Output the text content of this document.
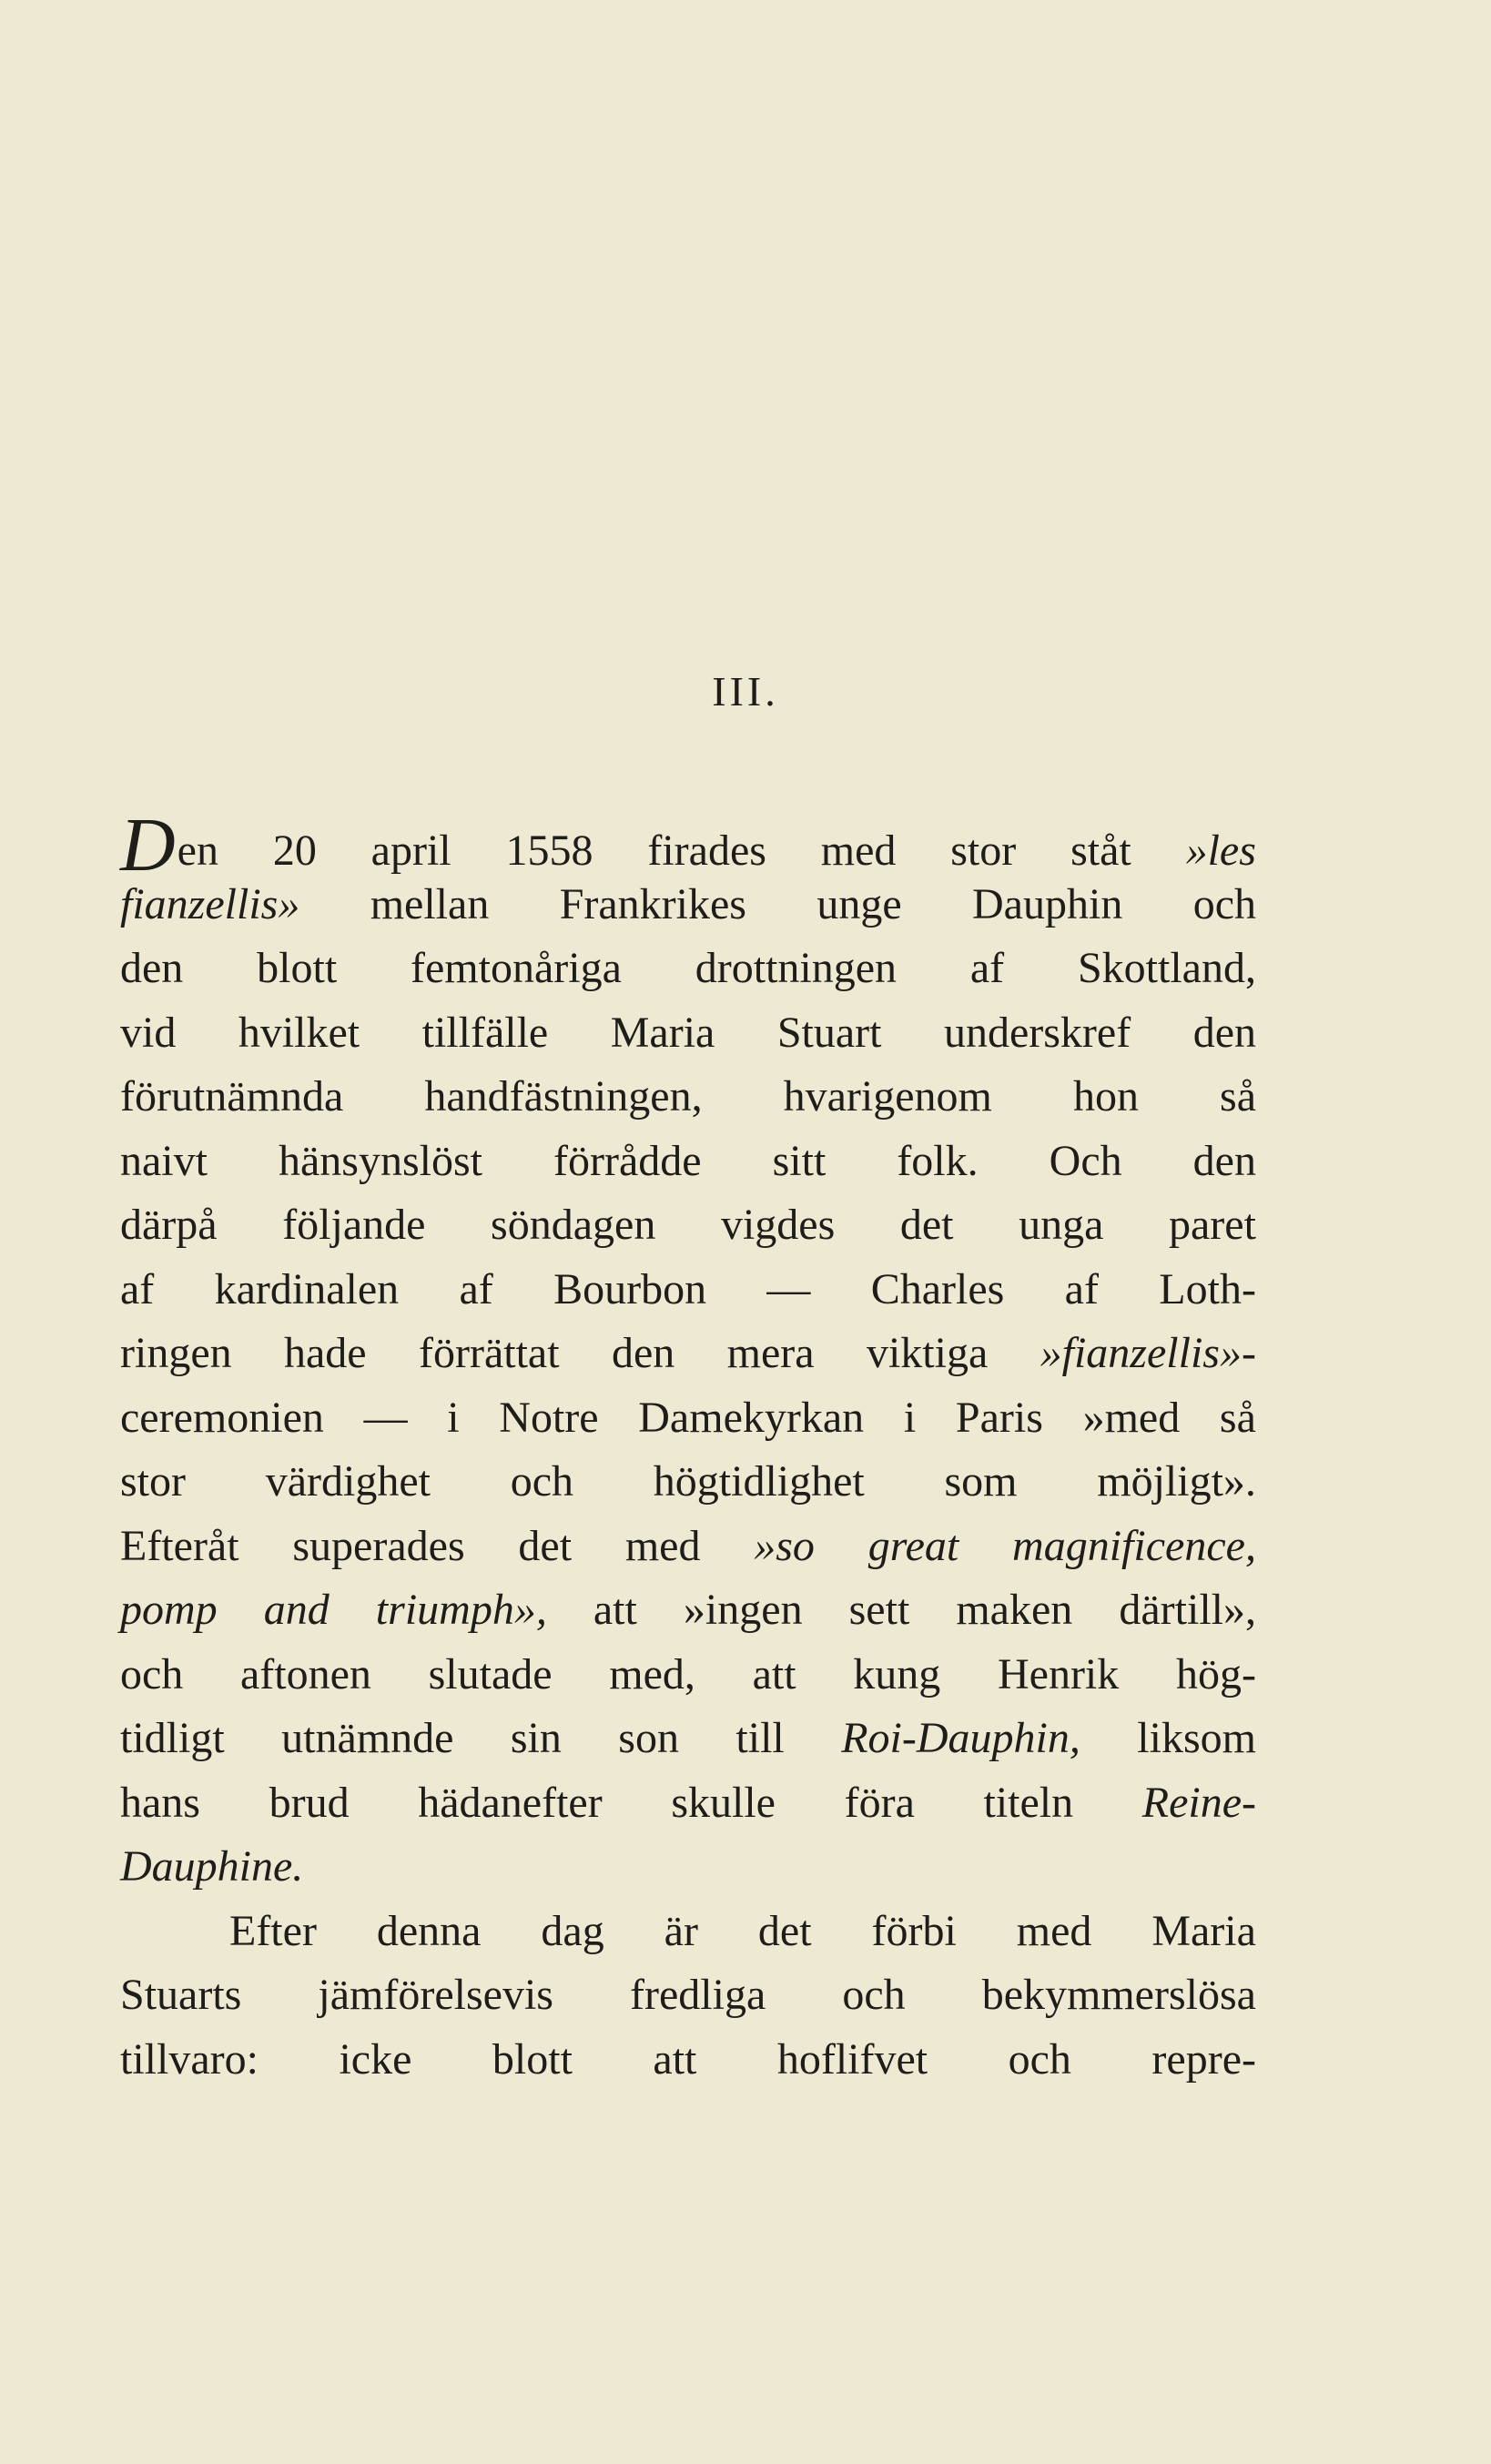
III.
Den 20 april 1558 firades med stor ståt »les
fianzellis» mellan Frankrikes unge Dauphin och
den blott femtonåriga drottningen af Skottland,
vid hvilket tillfälle Maria Stuart underskref den
förutnämnda handfästningen, hvarigenom hon så
naivt hänsynslöst förrådde sitt folk. Och den
därpå följande söndagen vigdes det unga paret
af kardinalen af Bourbon — Charles af Loth-
ringen hade förrättat den mera viktiga »fianzellis»-
ceremonien — i Notre Damekyrkan i Paris »med så
stor värdighet och högtidlighet som möjligt».
Efteråt superades det med »so great magnificence,
pomp and triumph», att »ingen sett maken därtill»,
och aftonen slutade med, att kung Henrik hög-
tidligt utnämnde sin son till Roi-Dauphin, liksom
hans brud hädanefter skulle föra titeln Reine-
Dauphine.
Efter denna dag är det förbi med Maria
Stuarts jämförelsevis fredliga och bekymmerslösa
tillvaro: icke blott att hoflifvet och repre-
